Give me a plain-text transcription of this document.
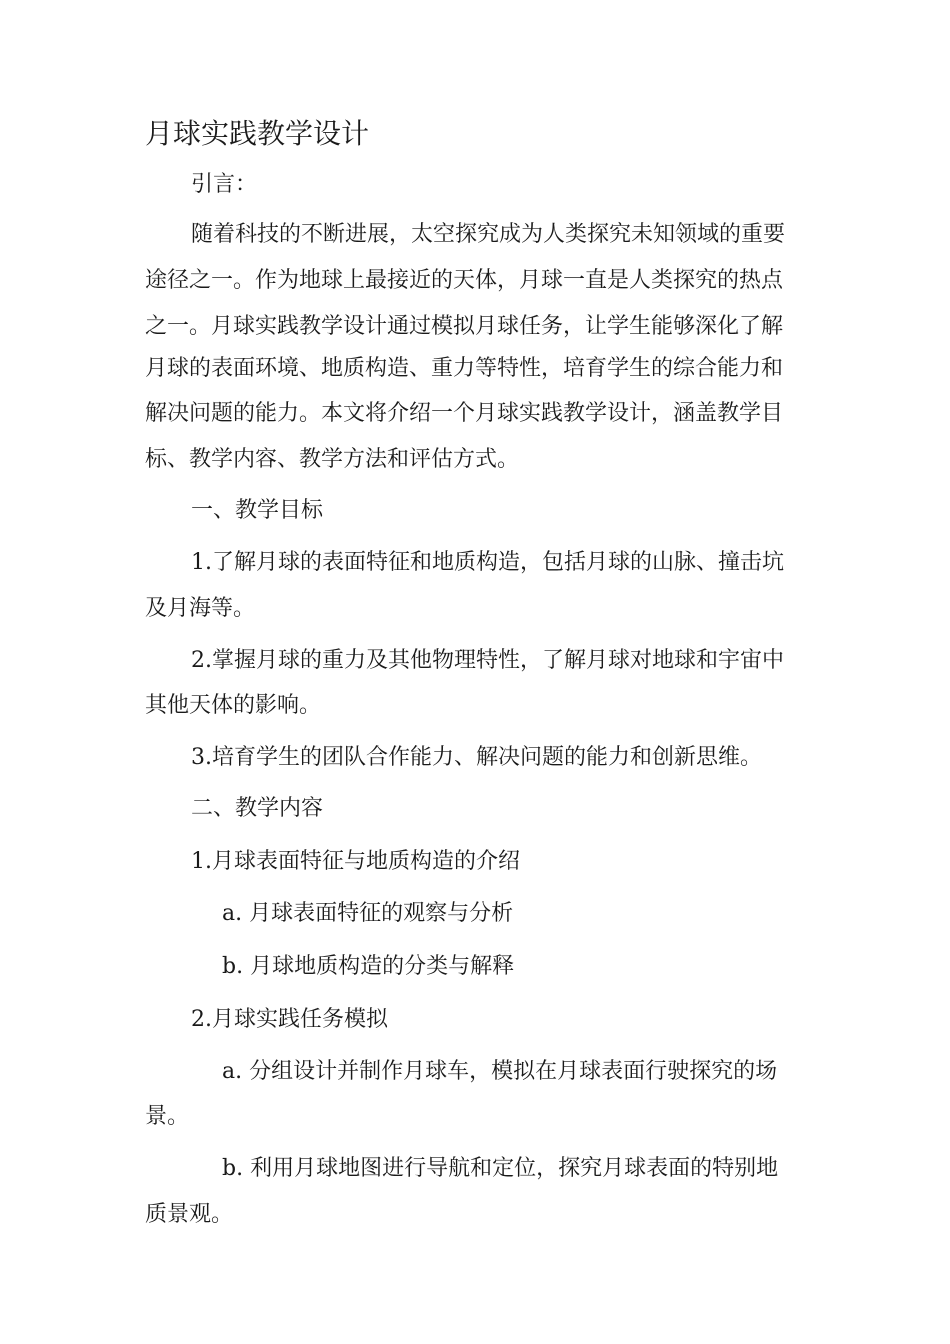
月球实践教学设计
引言：
随着科技的不断进展，太空探究成为人类探究未知领域的重要
途径之一。作为地球上最接近的天体，月球一直是人类探究的热点
之一。月球实践教学设计通过模拟月球任务，让学生能够深化了解
月球的表面环境、地质构造、重力等特性，培育学生的综合能力和
解决问题的能力。本文将介绍一个月球实践教学设计，涵盖教学目
标、教学内容、教学方法和评估方式。
一、教学目标
1.了解月球的表面特征和地质构造，包括月球的山脉、撞击坑
及月海等。
2.掌握月球的重力及其他物理特性，了解月球对地球和宇宙中
其他天体的影响。
3.培育学生的团队合作能力、解决问题的能力和创新思维。
二、教学内容
1.月球表面特征与地质构造的介绍
a. 月球表面特征的观察与分析
b. 月球地质构造的分类与解释
2.月球实践任务模拟
a. 分组设计并制作月球车，模拟在月球表面行驶探究的场
景。
b. 利用月球地图进行导航和定位，探究月球表面的特别地
质景观。
